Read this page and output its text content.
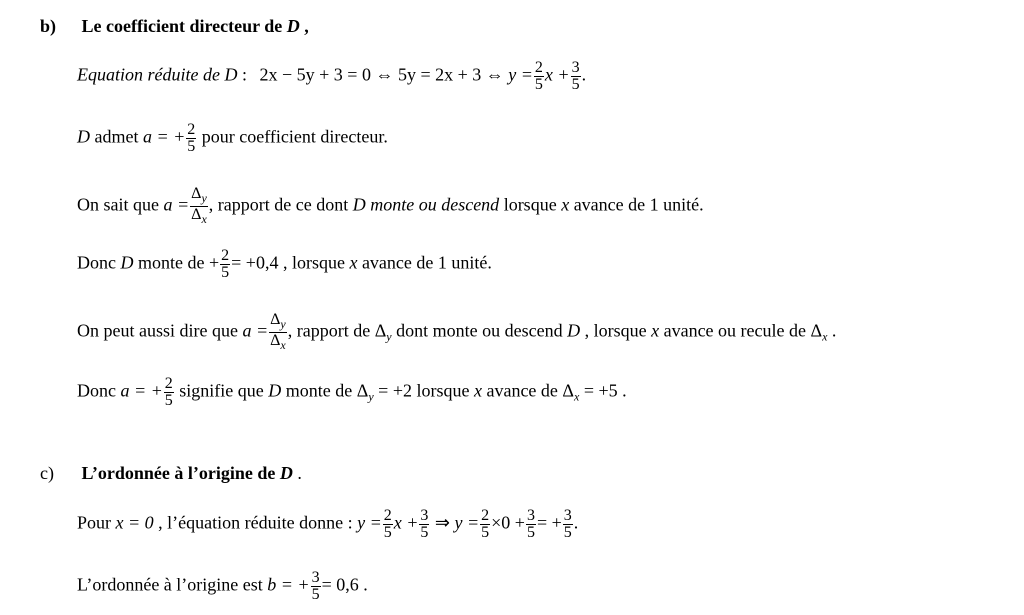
b) Le coefficient directeur de D ,
Equation réduite de D : 2x − 5y + 3 = 0 ⇔ 5y = 2x + 3 ⇔ $y = \frac{2}{5}$ $x + \frac{3}{5}$ .
D admet a = + $\frac{2}{5}$ pour coefficient directeur.
On sait que $a = \frac{\Delta_y}{\Delta_x}$ , rapport de ce dont D monte ou descend lorsque x avance de 1 unité.
Donc D monte de + $\frac{2}{5} = +0,4$ , lorsque x avance de 1 unité.
On peut aussi dire que $a = \frac{\Delta_y}{\Delta_x}$ , rapport de $\Delta_y$ dont monte ou descend D , lorsque x avance ou recule de $\Delta_x$ .
Donc a = + $\frac{2}{5}$ signifie que D monte de $\Delta_y = +2$ lorsque x avance de $\Delta_x = +5$ .
c) L’ordonnée à l’origine de D .
Pour x = 0 , l’équation réduite donne : $y = \frac{2}{5}$ $x + \frac{3}{5}$ ⇒ $y = \frac{2}{5} \times 0 + \frac{3}{5}$ = + $\frac{3}{5}$ .
L’ordonnée à l’origine est b = + $\frac{3}{5} = 0,6$ .
